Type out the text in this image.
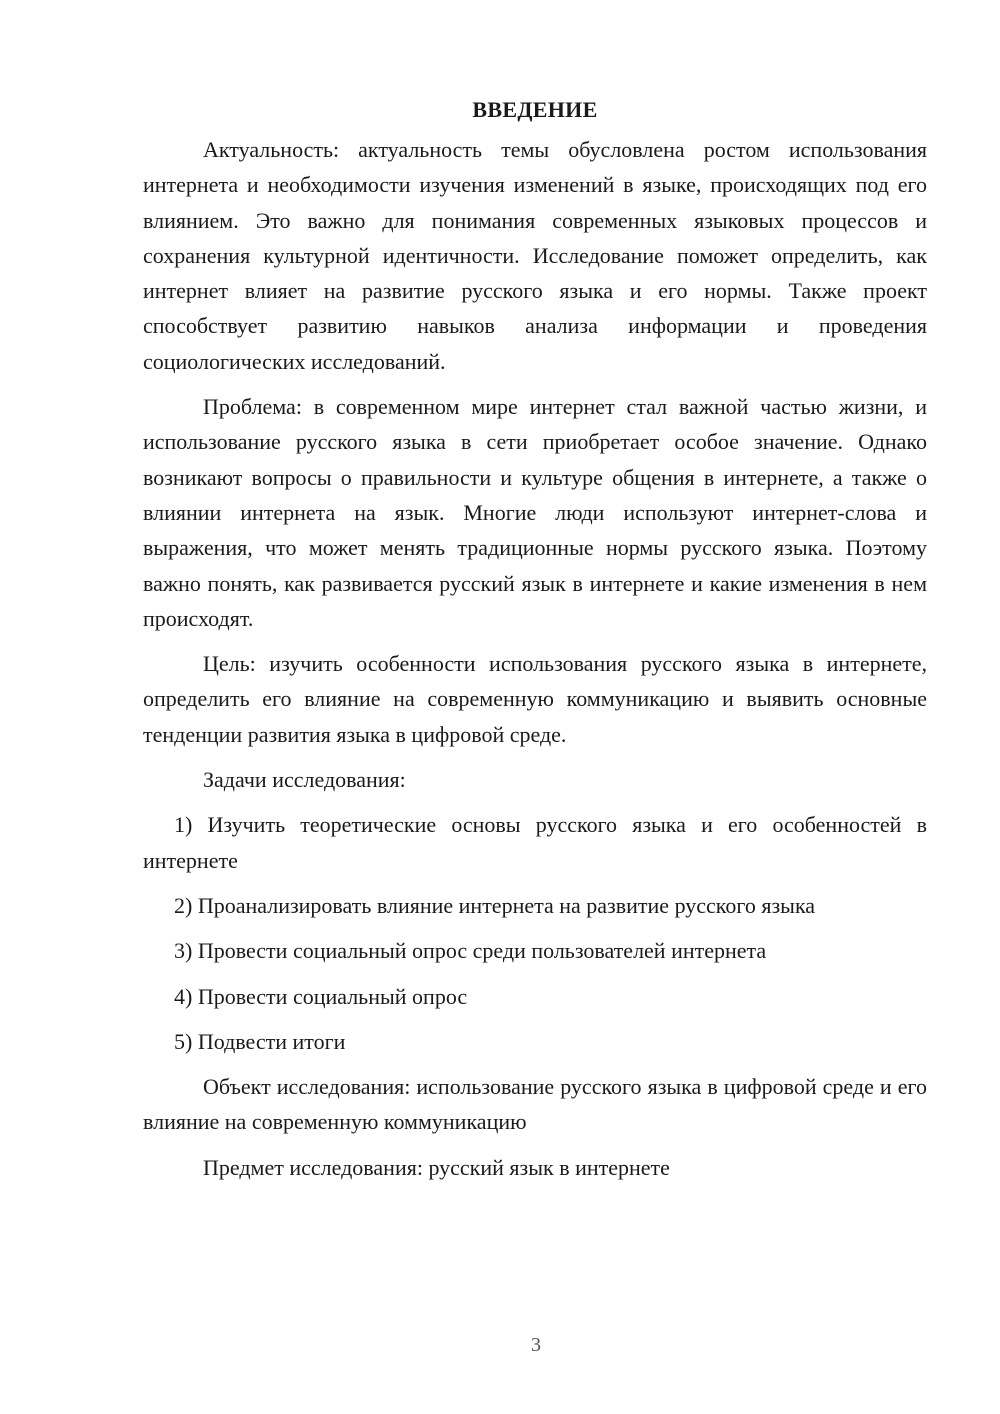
ВВЕДЕНИЕ

Актуальность: актуальность темы обусловлена ростом использования интернета и необходимости изучения изменений в языке, происходящих под его влиянием. Это важно для понимания современных языковых процессов и сохранения культурной идентичности. Исследование поможет определить, как интернет влияет на развитие русского языка и его нормы. Также проект способствует развитию навыков анализа информации и проведения социологических исследований.

Проблема: в современном мире интернет стал важной частью жизни, и использование русского языка в сети приобретает особое значение. Однако возникают вопросы о правильности и культуре общения в интернете, а также о влиянии интернета на язык. Многие люди используют интернет-слова и выражения, что может менять традиционные нормы русского языка. Поэтому важно понять, как развивается русский язык в интернете и какие изменения в нем происходят.

Цель: изучить особенности использования русского языка в интернете, определить его влияние на современную коммуникацию и выявить основные тенденции развития языка в цифровой среде.

Задачи исследования:

1) Изучить теоретические основы русского языка и его особенностей в интернете

2) Проанализировать влияние интернета на развитие русского языка

3) Провести социальный опрос среди пользователей интернета

4) Провести социальный опрос

5) Подвести итоги

Объект исследования: использование русского языка в цифровой среде и его влияние на современную коммуникацию

Предмет исследования: русский язык в интернете

3
